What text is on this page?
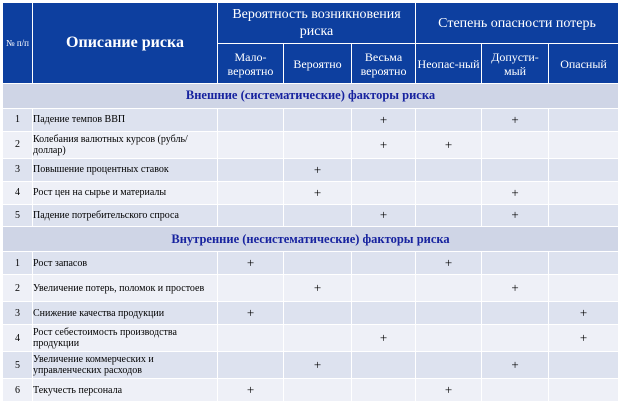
№ п/п	Описание риска	Вероятность возникновения риска			Степень опасности потерь		
		Мало-вероятно	Вероятно	Весьма вероятно	Неопас-ный	Допусти-мый	Опасный
Внешние (систематические) факторы риска							
1	Падение темпов ВВП			+		+	
2	Колебания валютных курсов (рубль/доллар)			+	+		
3	Повышение процентных ставок		+				
4	Рост цен на сырье и материалы		+			+	
5	Падение потребительского спроса			+		+	
Внутренние (несистематические) факторы риска							
1	Рост запасов	+			+		
2	Увеличение потерь, поломок и простоев		+			+	
3	Снижение качества продукции	+					+
4	Рост себестоимость производства продукции			+			+
5	Увеличение коммерческих и управленческих расходов		+			+	
6	Текучесть персонала	+			+		
